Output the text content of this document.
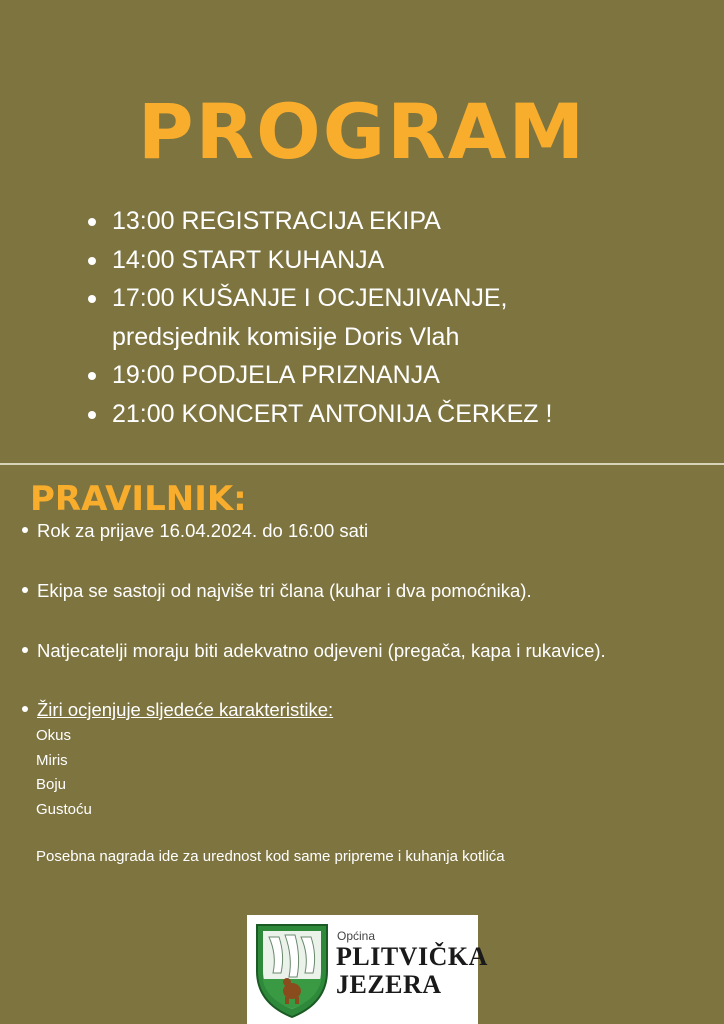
PROGRAM
13:00 REGISTRACIJA EKIPA
14:00 START KUHANJA
17:00 KUŠANJE I OCJENJIVANJE,
predsjednik komisije Doris Vlah
19:00 PODJELA PRIZNANJA
21:00 KONCERT ANTONIJA ČERKEZ !
PRAVILNIK:
Rok za prijave 16.04.2024. do 16:00 sati
Ekipa se sastoji od najviše tri člana (kuhar i dva pomoćnika).
Natjecatelji moraju biti adekvatno odjeveni (pregača, kapa i rukavice).
Žiri ocjenjuje sljedeće karakteristike:
Okus
Miris
Boju
Gustoću
Posebna nagrada ide za urednost kod same pripreme i kuhanja kotlića
Općina
PLITVIČKA
JEZERA
